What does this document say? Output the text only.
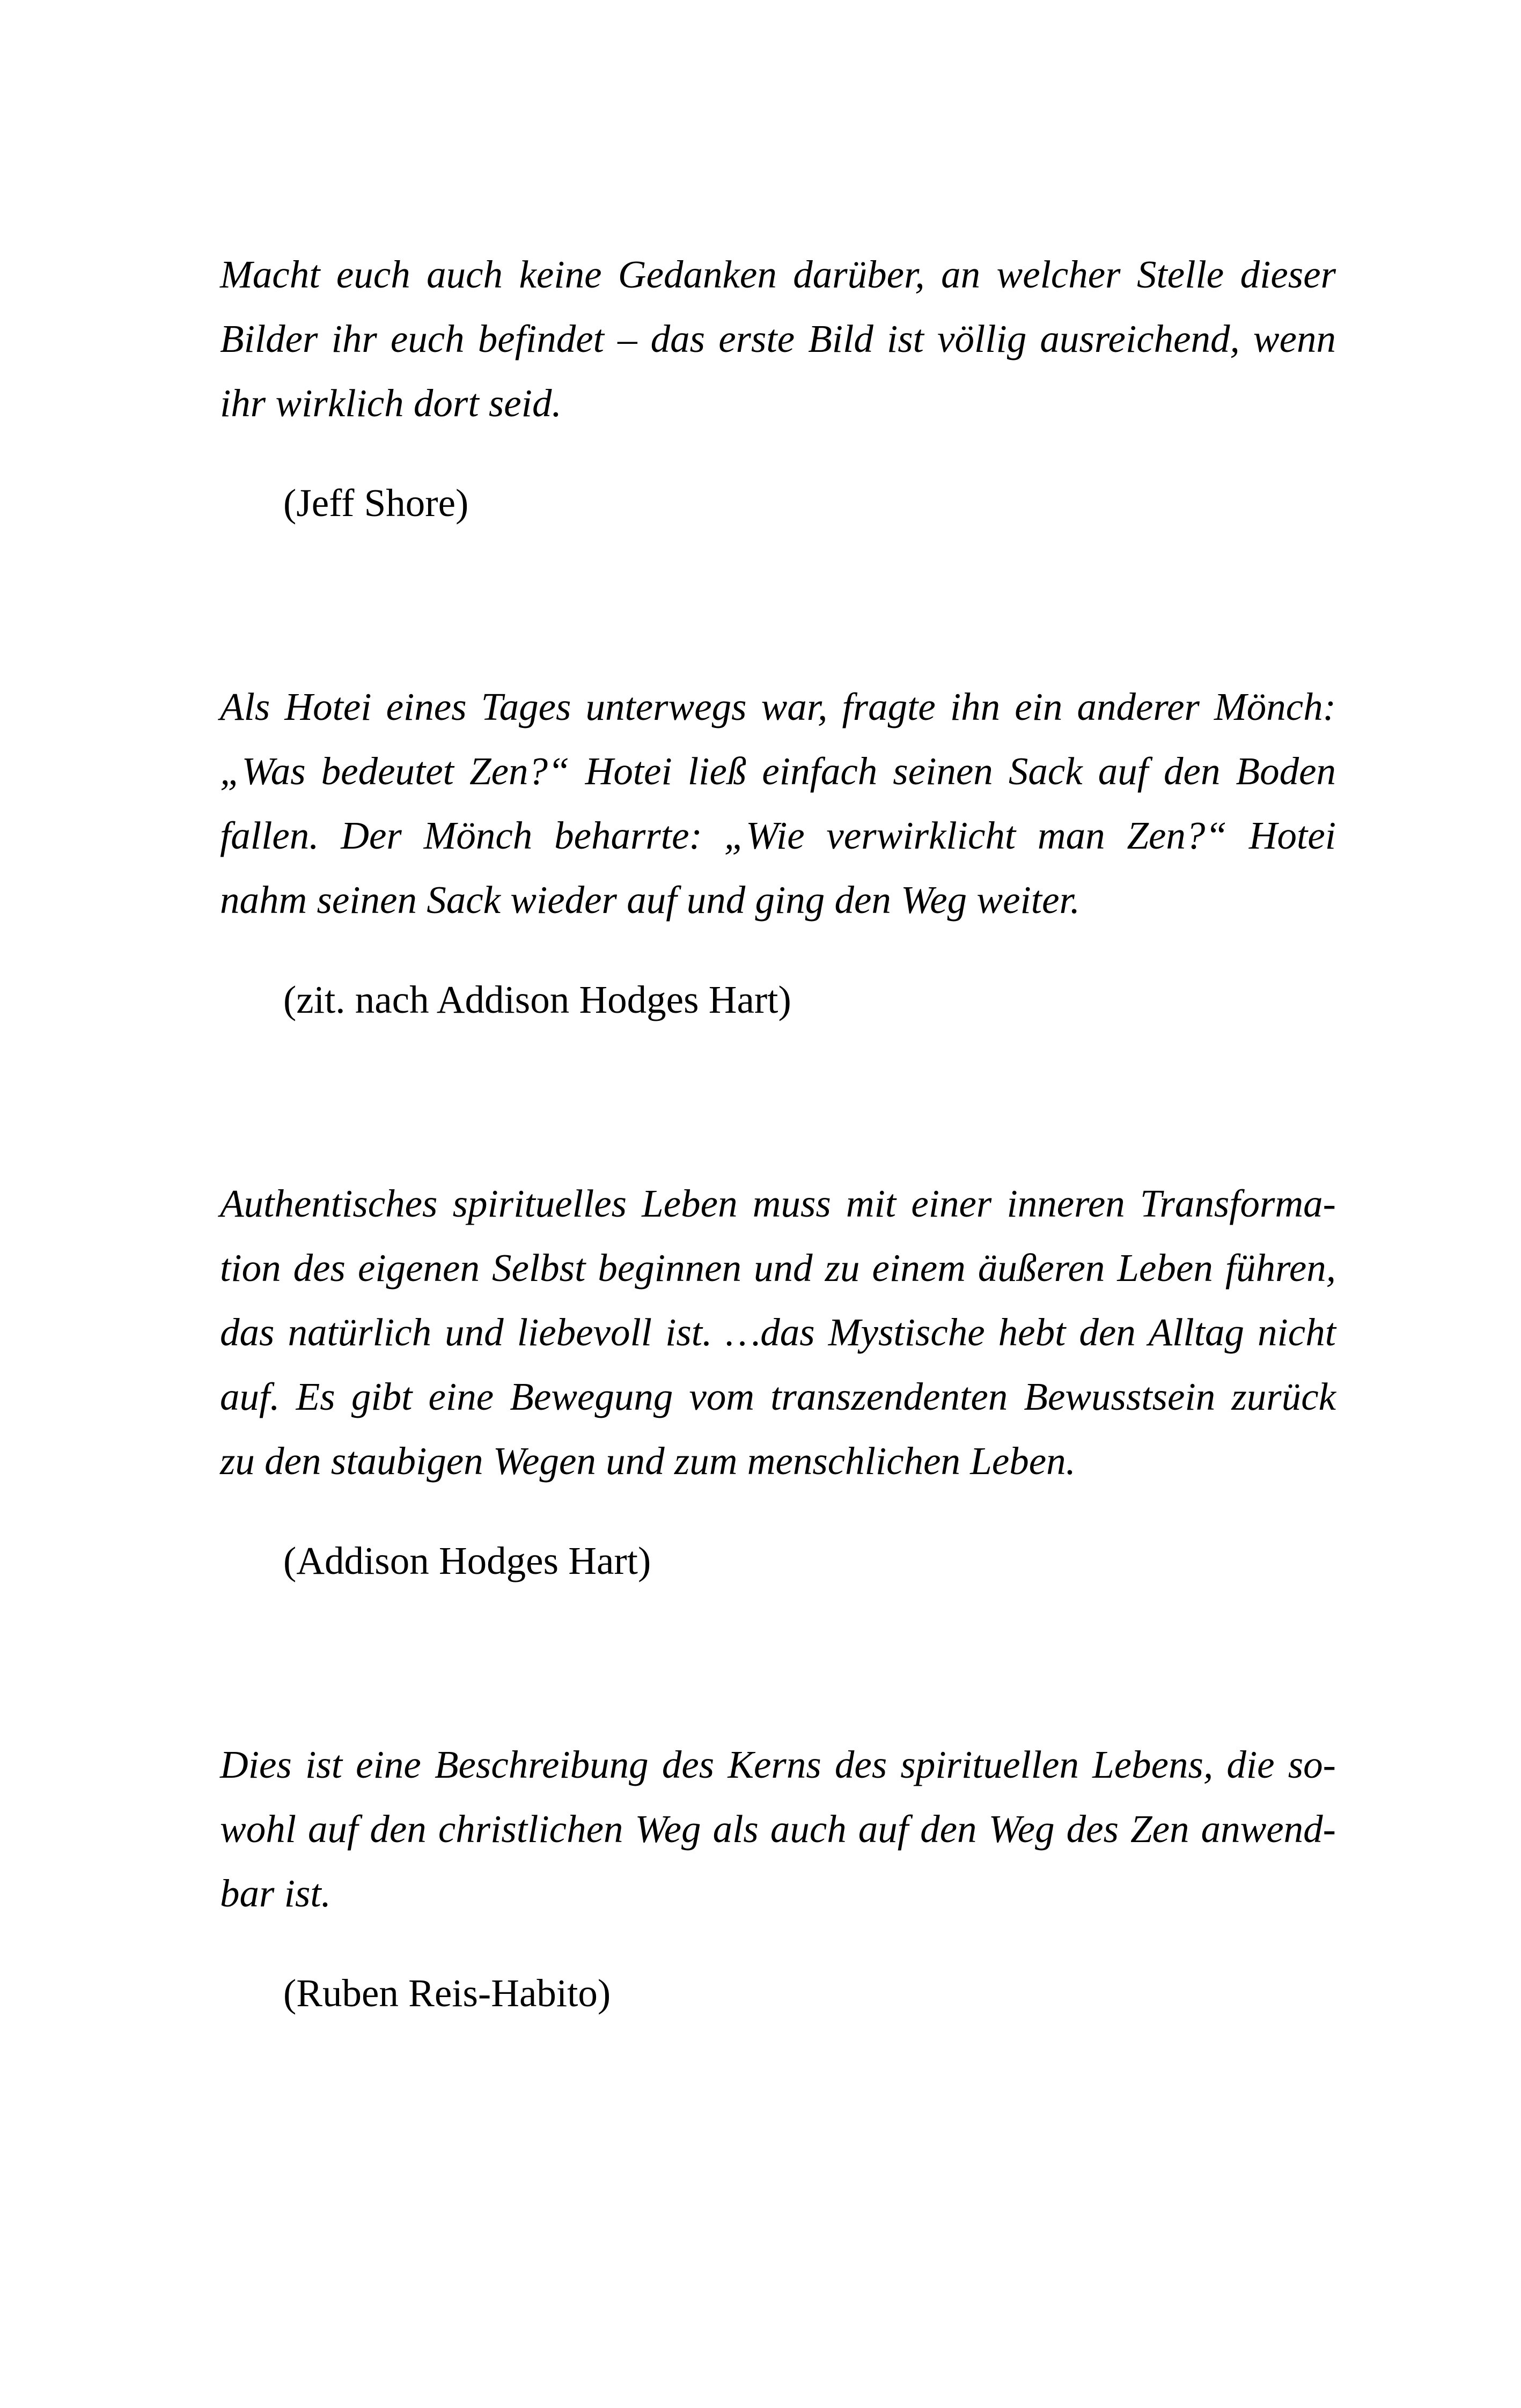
Macht euch auch keine Gedanken darüber, an welcher Stelle dieser
Bilder ihr euch befindet – das erste Bild ist völlig ausreichend, wenn
ihr wirklich dort seid.
(Jeff Shore)
Als Hotei eines Tages unterwegs war, fragte ihn ein anderer Mönch:
„Was bedeutet Zen?“ Hotei ließ einfach seinen Sack auf den Boden
fallen. Der Mönch beharrte: „Wie verwirklicht man Zen?“ Hotei
nahm seinen Sack wieder auf und ging den Weg weiter.
(zit. nach Addison Hodges Hart)
Authentisches spirituelles Leben muss mit einer inneren Transforma-
tion des eigenen Selbst beginnen und zu einem äußeren Leben führen,
das natürlich und liebevoll ist. …das Mystische hebt den Alltag nicht
auf. Es gibt eine Bewegung vom transzendenten Bewusstsein zurück
zu den staubigen Wegen und zum menschlichen Leben.
(Addison Hodges Hart)
Dies ist eine Beschreibung des Kerns des spirituellen Lebens, die so-
wohl auf den christlichen Weg als auch auf den Weg des Zen anwend-
bar ist.
(Ruben Reis-Habito)
